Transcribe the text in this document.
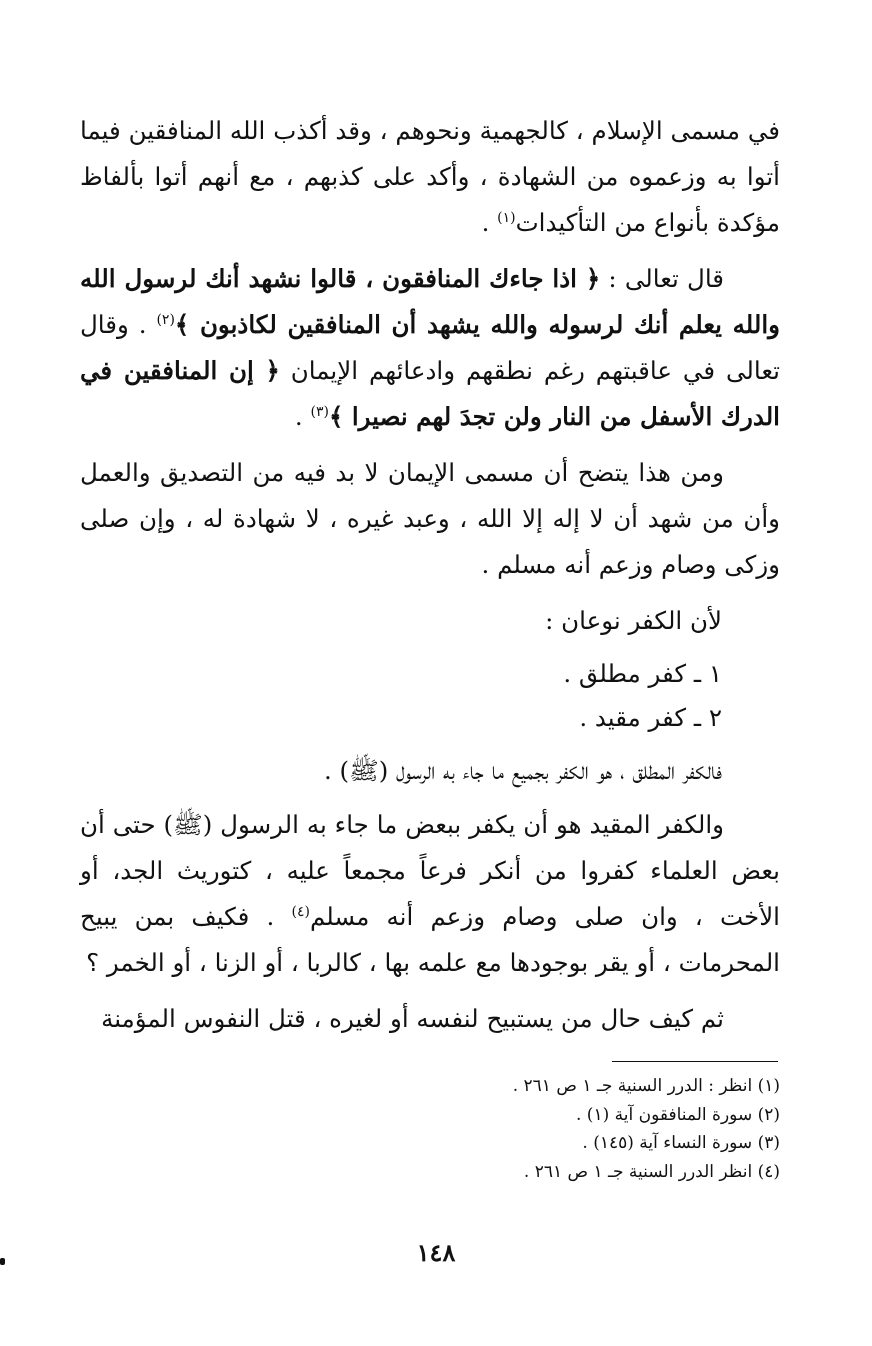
في مسمى الإسلام ، كالجهمية ونحوهم ، وقد أكذب الله المنافقين فيما أتوا به وزعموه من الشهادة ، وأكد على كذبهم ، مع أنهم أتوا بألفاظ مؤكدة بأنواع من التأكيدات$^{(١)}$ .

قال تعالى : ﴿ اذا جاءك المنافقون ، قالوا نشهد أنك لرسول الله والله يعلم أنك لرسوله والله يشهد أن المنافقين لكاذبون ﴾$^{(٢)}$ . وقال تعالى في عاقبتهم رغم نطقهم وادعائهم الإيمان ﴿ إن المنافقين في الدرك الأسفل من النار ولن تجدَ لهم نصيرا ﴾$^{(٣)}$ .

ومن هذا يتضح أن مسمى الإيمان لا بد فيه من التصديق والعمل وأن من شهد أن لا إله إلا الله ، وعبد غيره ، لا شهادة له ، وإن صلى وزكى وصام وزعم أنه مسلم .

لأن الكفر نوعان :

١ ـ كفر مطلق .
٢ ـ كفر مقيد .

فالكفر المطلق ، هو الكفر بجميع ما جاء به الرسول (ﷺ) .

والكفر المقيد هو أن يكفر ببعض ما جاء به الرسول (ﷺ) حتى أن بعض العلماء كفروا من أنكر فرعاً مجمعاً عليه ، كتوريث الجد، أو الأخت ، وان صلى وصام وزعم أنه مسلم$^{(٤)}$ . فكيف بمن يبيح المحرمات ، أو يقر بوجودها مع علمه بها ، كالربا ، أو الزنا ، أو الخمر ؟

ثم كيف حال من يستبيح لنفسه أو لغيره ، قتل النفوس المؤمنة

(١) انظر : الدرر السنية جـ ١ ص ٢٦١ .
(٢) سورة المنافقون آية (١) .
(٣) سورة النساء آية (١٤٥) .
(٤) انظر الدرر السنية جـ ١ ص ٢٦١ .
١٤٨
